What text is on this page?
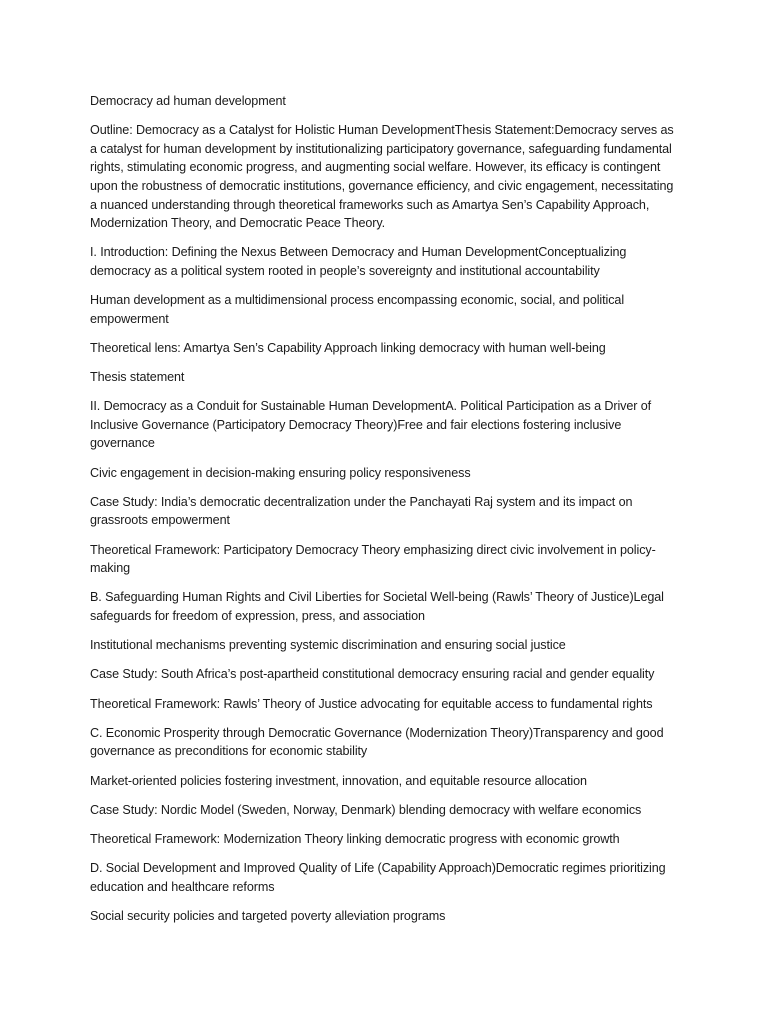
Democracy ad human development

Outline: Democracy as a Catalyst for Holistic Human DevelopmentThesis Statement:Democracy serves as a catalyst for human development by institutionalizing participatory governance, safeguarding fundamental rights, stimulating economic progress, and augmenting social welfare. However, its efficacy is contingent upon the robustness of democratic institutions, governance efficiency, and civic engagement, necessitating a nuanced understanding through theoretical frameworks such as Amartya Sen’s Capability Approach, Modernization Theory, and Democratic Peace Theory.

I. Introduction: Defining the Nexus Between Democracy and Human DevelopmentConceptualizing democracy as a political system rooted in people’s sovereignty and institutional accountability

Human development as a multidimensional process encompassing economic, social, and political empowerment

Theoretical lens: Amartya Sen’s Capability Approach linking democracy with human well-being

Thesis statement

II. Democracy as a Conduit for Sustainable Human DevelopmentA. Political Participation as a Driver of Inclusive Governance (Participatory Democracy Theory)Free and fair elections fostering inclusive governance

Civic engagement in decision-making ensuring policy responsiveness

Case Study: India’s democratic decentralization under the Panchayati Raj system and its impact on grassroots empowerment

Theoretical Framework: Participatory Democracy Theory emphasizing direct civic involvement in policy-making

B. Safeguarding Human Rights and Civil Liberties for Societal Well-being (Rawls’ Theory of Justice)Legal safeguards for freedom of expression, press, and association

Institutional mechanisms preventing systemic discrimination and ensuring social justice

Case Study: South Africa’s post-apartheid constitutional democracy ensuring racial and gender equality

Theoretical Framework: Rawls’ Theory of Justice advocating for equitable access to fundamental rights

C. Economic Prosperity through Democratic Governance (Modernization Theory)Transparency and good governance as preconditions for economic stability

Market-oriented policies fostering investment, innovation, and equitable resource allocation

Case Study: Nordic Model (Sweden, Norway, Denmark) blending democracy with welfare economics

Theoretical Framework: Modernization Theory linking democratic progress with economic growth

D. Social Development and Improved Quality of Life (Capability Approach)Democratic regimes prioritizing education and healthcare reforms

Social security policies and targeted poverty alleviation programs
